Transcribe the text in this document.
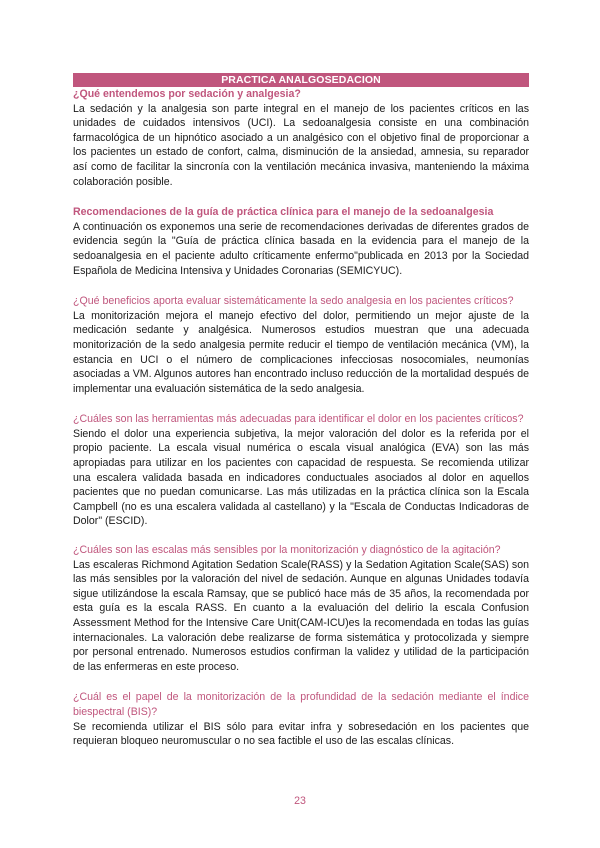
PRACTICA ANALGOSEDACION

¿Qué entendemos por sedación y analgesia?

La sedación y la analgesia son parte integral en el manejo de los pacientes críticos en las unidades de cuidados intensivos (UCI). La sedoanalgesia consiste en una combinación farmacológica de un hipnótico asociado a un analgésico con el objetivo final de proporcionar a los pacientes un estado de confort, calma, disminución de la ansiedad, amnesia, su reparador así como de facilitar la sincronía con la ventilación mecánica invasiva, manteniendo la máxima colaboración posible.

Recomendaciones de la guía de práctica clínica para el manejo de la sedoanalgesia

A continuación os exponemos una serie de recomendaciones derivadas de diferentes grados de evidencia según la "Guía de práctica clínica basada en la evidencia para el manejo de la sedoanalgesia en el paciente adulto críticamente enfermo"publicada en 2013 por la Sociedad Española de Medicina Intensiva y Unidades Coronarias (SEMICYUC).

¿Qué beneficios aporta evaluar sistemáticamente la sedo analgesia en los pacientes críticos?

La monitorización mejora el manejo efectivo del dolor, permitiendo un mejor ajuste de la medicación sedante y analgésica. Numerosos estudios muestran que una adecuada monitorización de la sedo analgesia permite reducir el tiempo de ventilación mecánica (VM), la estancia en UCI o el número de complicaciones infecciosas nosocomiales, neumonías asociadas a VM. Algunos autores han encontrado incluso reducción de la mortalidad después de implementar una evaluación sistemática de la sedo analgesia.

¿Cuáles son las herramientas más adecuadas para identificar el dolor en los pacientes críticos?

Siendo el dolor una experiencia subjetiva, la mejor valoración del dolor es la referida por el propio paciente. La escala visual numérica o escala visual analógica (EVA) son las más apropiadas para utilizar en los pacientes con capacidad de respuesta. Se recomienda utilizar una escalera validada basada en indicadores conductuales asociados al dolor en aquellos pacientes que no puedan comunicarse. Las más utilizadas en la práctica clínica son la Escala Campbell (no es una escalera validada al castellano) y la "Escala de Conductas Indicadoras de Dolor" (ESCID).

¿Cuáles son las escalas más sensibles por la monitorización y diagnóstico de la agitación?

Las escaleras Richmond Agitation Sedation Scale(RASS) y la Sedation Agitation Scale(SAS) son las más sensibles por la valoración del nivel de sedación. Aunque en algunas Unidades todavía sigue utilizándose la escala Ramsay, que se publicó hace más de 35 años, la recomendada por esta guía es la escala RASS. En cuanto a la evaluación del delirio la escala Confusion Assessment Method for the Intensive Care Unit(CAM-ICU)es la recomendada en todas las guías internacionales. La valoración debe realizarse de forma sistemática y protocolizada y siempre por personal entrenado. Numerosos estudios confirman la validez y utilidad de la participación de las enfermeras en este proceso.

¿Cuál es el papel de la monitorización de la profundidad de la sedación mediante el índice biespectral (BIS)?

Se recomienda utilizar el BIS sólo para evitar infra y sobresedación en los pacientes que requieran bloqueo neuromuscular o no sea factible el uso de las escalas clínicas.

23
